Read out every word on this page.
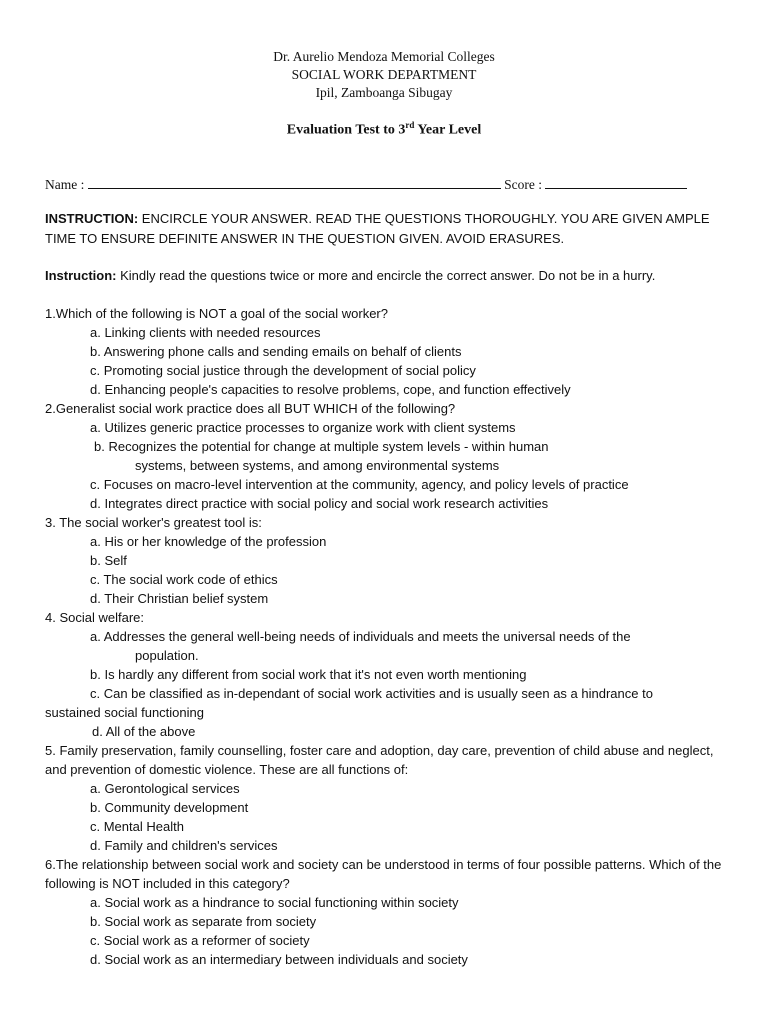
Dr. Aurelio Mendoza Memorial Colleges
SOCIAL WORK DEPARTMENT
Ipil, Zamboanga Sibugay
Evaluation Test to 3rd Year Level
Name :	Score :
INSTRUCTION: ENCIRCLE YOUR ANSWER. READ THE QUESTIONS THOROUGHLY. YOU ARE GIVEN AMPLE TIME TO ENSURE DEFINITE ANSWER IN THE QUESTION GIVEN. AVOID ERASURES.
Instruction: Kindly read the questions twice or more and encircle the correct answer. Do not be in a hurry.
1.Which of the following is NOT a goal of the social worker?
a. Linking clients with needed resources
b. Answering phone calls and sending emails on behalf of clients
c. Promoting social justice through the development of social policy
d. Enhancing people's capacities to resolve problems, cope, and function effectively
2.Generalist social work practice does all BUT WHICH of the following?
a. Utilizes generic practice processes to organize work with client systems
b. Recognizes the potential for change at multiple system levels - within human
systems, between systems, and among environmental systems
c. Focuses on macro-level intervention at the community, agency, and policy levels of practice
d. Integrates direct practice with social policy and social work research activities
3. The social worker's greatest tool is:
a. His or her knowledge of the profession
b. Self
c. The social work code of ethics
d. Their Christian belief system
4. Social welfare:
a. Addresses the general well-being needs of individuals and meets the universal needs of the
population.
b. Is hardly any different from social work that it's not even worth mentioning
c. Can be classified as in-dependant of social work activities and is usually seen as a hindrance to
sustained social functioning
d. All of the above
5. Family preservation, family counselling, foster care and adoption, day care, prevention of child abuse and neglect, and prevention of domestic violence. These are all functions of:
a. Gerontological services
b. Community development
c. Mental Health
d. Family and children's services
6.The relationship between social work and society can be understood in terms of four possible patterns. Which of the following is NOT included in this category?
a. Social work as a hindrance to social functioning within society
b. Social work as separate from society
c. Social work as a reformer of society
d. Social work as an intermediary between individuals and society
